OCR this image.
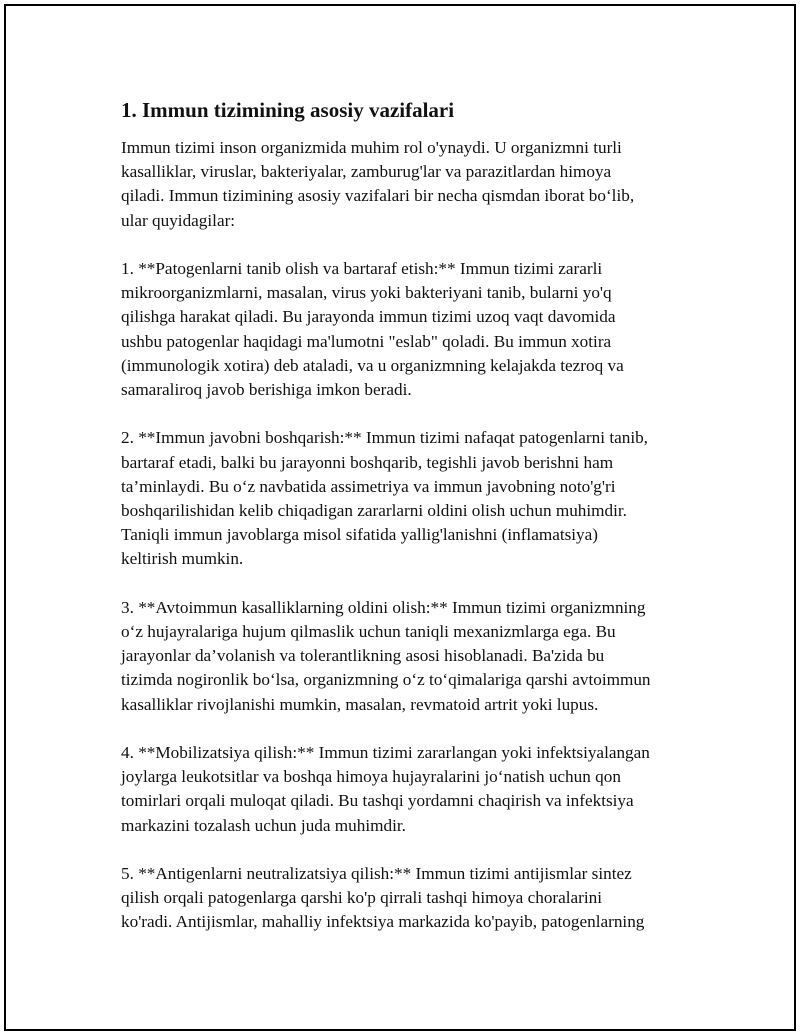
1. Immun tizimining asosiy vazifalari
Immun tizimi inson organizmida muhim rol o'ynaydi. U organizmni turli
kasalliklar, viruslar, bakteriyalar, zamburug'lar va parazitlardan himoya
qiladi. Immun tizimining asosiy vazifalari bir necha qismdan iborat bo‘lib,
ular quyidagilar:
1. **Patogenlarni tanib olish va bartaraf etish:** Immun tizimi zararli
mikroorganizmlarni, masalan, virus yoki bakteriyani tanib, bularni yo'q
qilishga harakat qiladi. Bu jarayonda immun tizimi uzoq vaqt davomida
ushbu patogenlar haqidagi ma'lumotni "eslab" qoladi. Bu immun xotira
(immunologik xotira) deb ataladi, va u organizmning kelajakda tezroq va
samaraliroq javob berishiga imkon beradi.
2. **Immun javobni boshqarish:** Immun tizimi nafaqat patogenlarni tanib,
bartaraf etadi, balki bu jarayonni boshqarib, tegishli javob berishni ham
ta’minlaydi. Bu o‘z navbatida assimetriya va immun javobning noto'g'ri
boshqarilishidan kelib chiqadigan zararlarni oldini olish uchun muhimdir.
Taniqli immun javoblarga misol sifatida yallig'lanishni (inflamatsiya)
keltirish mumkin.
3. **Avtoimmun kasalliklarning oldini olish:** Immun tizimi organizmning
o‘z hujayralariga hujum qilmaslik uchun taniqli mexanizmlarga ega. Bu
jarayonlar da’volanish va tolerantlikning asosi hisoblanadi. Ba'zida bu
tizimda nogironlik bo‘lsa, organizmning o‘z to‘qimalariga qarshi avtoimmun
kasalliklar rivojlanishi mumkin, masalan, revmatoid artrit yoki lupus.
4. **Mobilizatsiya qilish:** Immun tizimi zararlangan yoki infektsiyalangan
joylarga leukotsitlar va boshqa himoya hujayralarini jo‘natish uchun qon
tomirlari orqali muloqat qiladi. Bu tashqi yordamni chaqirish va infektsiya
markazini tozalash uchun juda muhimdir.
5. **Antigenlarni neutralizatsiya qilish:** Immun tizimi antijismlar sintez
qilish orqali patogenlarga qarshi ko'p qirrali tashqi himoya choralarini
ko'radi. Antijismlar, mahalliy infektsiya markazida ko'payib, patogenlarning
